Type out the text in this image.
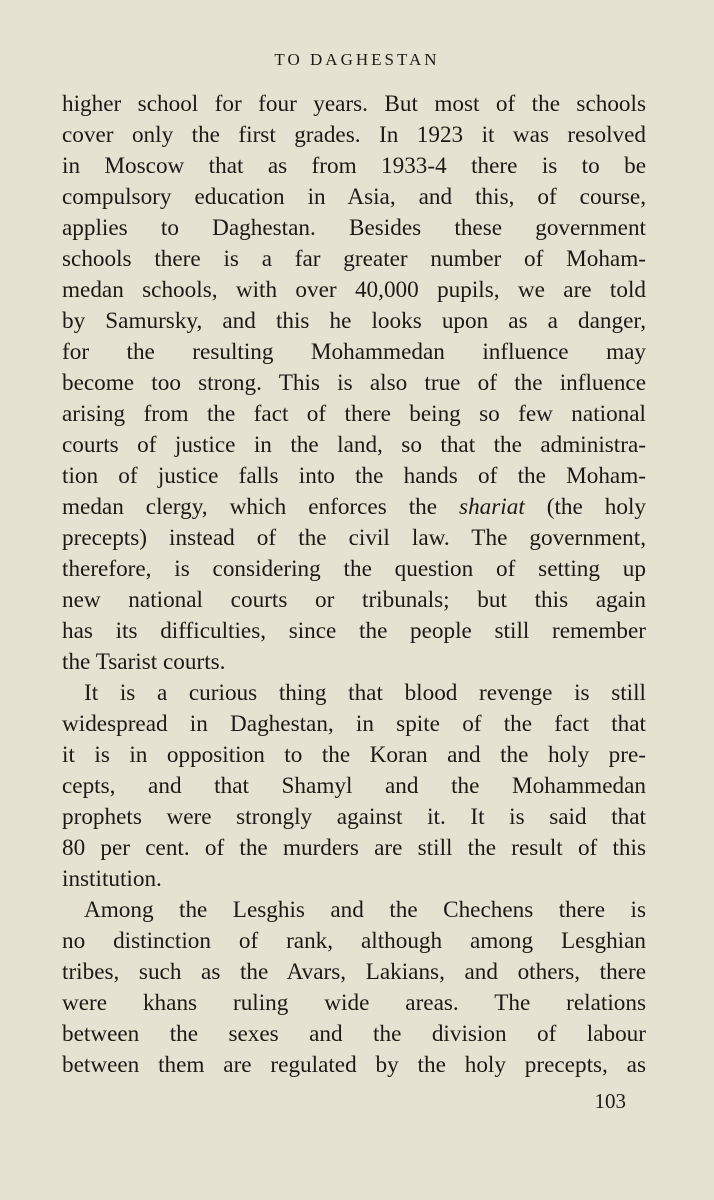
TO DAGHESTAN
higher school for four years. But most of the schools
cover only the first grades. In 1923 it was resolved
in Moscow that as from 1933-4 there is to be
compulsory education in Asia, and this, of course,
applies to Daghestan. Besides these government
schools there is a far greater number of Moham-
medan schools, with over 40,000 pupils, we are told
by Samursky, and this he looks upon as a danger,
for the resulting Mohammedan influence may
become too strong. This is also true of the influence
arising from the fact of there being so few national
courts of justice in the land, so that the administra-
tion of justice falls into the hands of the Moham-
medan clergy, which enforces the shariat (the holy
precepts) instead of the civil law. The government,
therefore, is considering the question of setting up
new national courts or tribunals; but this again
has its difficulties, since the people still remember
the Tsarist courts.
It is a curious thing that blood revenge is still
widespread in Daghestan, in spite of the fact that
it is in opposition to the Koran and the holy pre-
cepts, and that Shamyl and the Mohammedan
prophets were strongly against it. It is said that
80 per cent. of the murders are still the result of this
institution.
Among the Lesghis and the Chechens there is
no distinction of rank, although among Lesghian
tribes, such as the Avars, Lakians, and others, there
were khans ruling wide areas. The relations
between the sexes and the division of labour
between them are regulated by the holy precepts, as
103
